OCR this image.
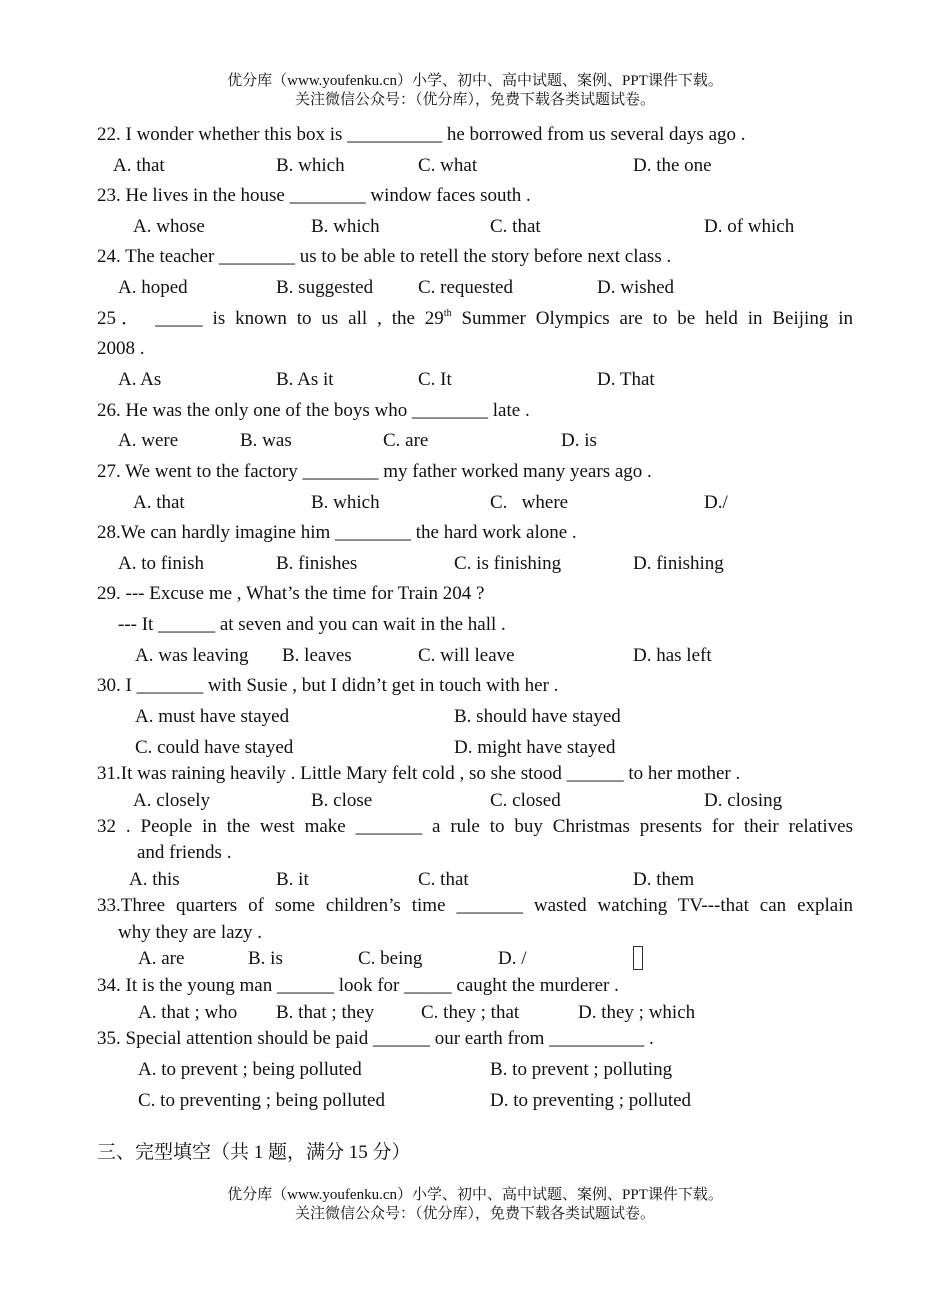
优分库（www.youfenku.cn）小学、初中、高中试题、案例、PPT课件下载。
关注微信公众号：（优分库），免费下载各类试题试卷。
22. I wonder whether this box is __________ he borrowed from us several days ago .
A. that	B. which	C. what	D. the one
23. He lives in the house ________ window faces south .
A. whose	B. which	C. that	D. of which
24. The teacher ________ us to be able to retell the story before next class .
A. hoped	B. suggested C. requested	D. wished
25． _____ is known to us all , the 29th Summer Olympics are to be held in Beijing in
2008 .
A. As	B. As it	C. It	D. That
26. He was the only one of the boys who ________ late .
A. were	B. was	C. are	D. is
27. We went to the factory ________ my father worked many years ago .
A. that	B. which	C.   where	D./
28.We can hardly imagine him ________ the hard work alone .
A. to finish	B. finishes	C. is finishing	D. finishing
29. --- Excuse me , What’s the time for Train 204 ?
--- It ______ at seven and you can wait in the hall .
A. was leaving B. leaves	C. will leave	D. has left
30. I _______ with Susie , but I didn’t get in touch with her .
A. must have stayed	B. should have stayed
C. could have stayed	D. might have stayed
31.It was raining heavily . Little Mary felt cold , so she stood ______ to her mother .
A. closely	B. close	C. closed	D. closing
32 . People in the west make _______ a rule to buy Christmas presents for their relatives
and friends .
A. this	B. it	C. that	D. them
33.Three quarters of some children’s time _______ wasted watching TV---that can explain
why they are lazy .
A. are	B. is	C. being	D. /
34. It is the young man ______ look for _____ caught the murderer .
A. that ; who B. that ; they C. they ; that	D. they ; which
35. Special attention should be paid ______ our earth from __________ .
A. to prevent ; being polluted	B. to prevent ; polluting
C. to preventing ; being polluted	D. to preventing ; polluted
三、完型填空（共 1 题，满分 15 分）
优分库（www.youfenku.cn）小学、初中、高中试题、案例、PPT课件下载。
关注微信公众号：（优分库），免费下载各类试题试卷。
